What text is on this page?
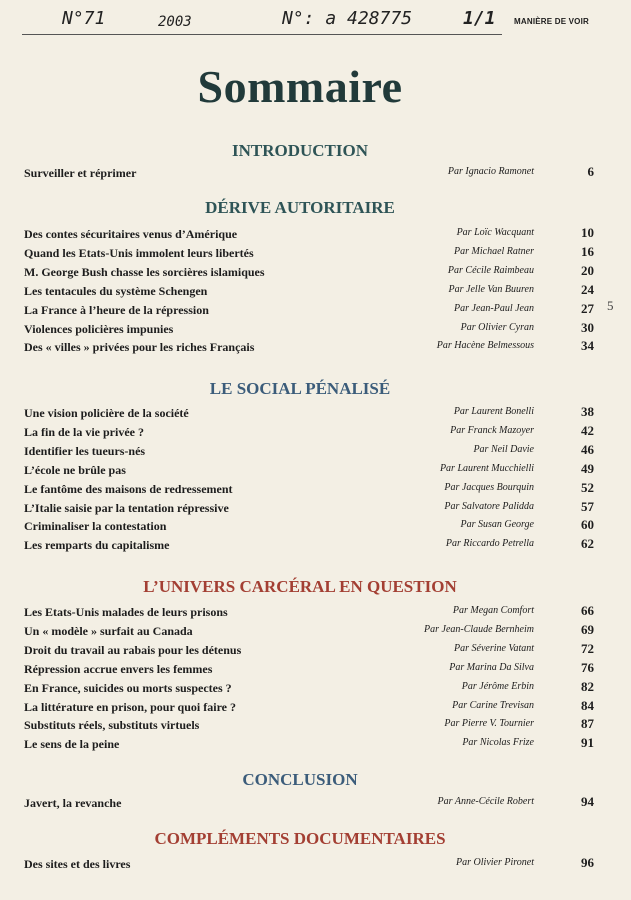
N°71	2003	N°: a 428775	1/1 MANIÈRE DE VOIR
5
Sommaire
INTRODUCTION
Surveiller et réprimer	Par Ignacio Ramonet	6
DÉRIVE AUTORITAIRE
Des contes sécuritaires venus d’Amérique	Par Loïc Wacquant	10
Quand les Etats-Unis immolent leurs libertés	Par Michael Ratner	16
M. George Bush chasse les sorcières islamiques	Par Cécile Raimbeau	20
Les tentacules du système Schengen	Par Jelle Van Buuren	24
La France à l’heure de la répression	Par Jean-Paul Jean	27
Violences policières impunies	Par Olivier Cyran	30
Des « villes » privées pour les riches Français	Par Hacène Belmessous	34
LE SOCIAL PÉNALISÉ
Une vision policière de la société	Par Laurent Bonelli	38
La fin de la vie privée ?	Par Franck Mazoyer	42
Identifier les tueurs-nés	Par Neil Davie	46
L’école ne brûle pas	Par Laurent Mucchielli	49
Le fantôme des maisons de redressement	Par Jacques Bourquin	52
L’Italie saisie par la tentation répressive	Par Salvatore Palidda	57
Criminaliser la contestation	Par Susan George	60
Les remparts du capitalisme	Par Riccardo Petrella	62
L’UNIVERS CARCÉRAL EN QUESTION
Les Etats-Unis malades de leurs prisons	Par Megan Comfort	66
Un « modèle » surfait au Canada	Par Jean-Claude Bernheim	69
Droit du travail au rabais pour les détenus	Par Séverine Vatant	72
Répression accrue envers les femmes	Par Marina Da Silva	76
En France, suicides ou morts suspectes ?	Par Jérôme Erbin	82
La littérature en prison, pour quoi faire ?	Par Carine Trevisan	84
Substituts réels, substituts virtuels	Par Pierre V. Tournier	87
Le sens de la peine	Par Nicolas Frize	91
CONCLUSION
Javert, la revanche	Par Anne-Cécile Robert	94
COMPLÉMENTS DOCUMENTAIRES
Des sites et des livres	Par Olivier Pironet	96
